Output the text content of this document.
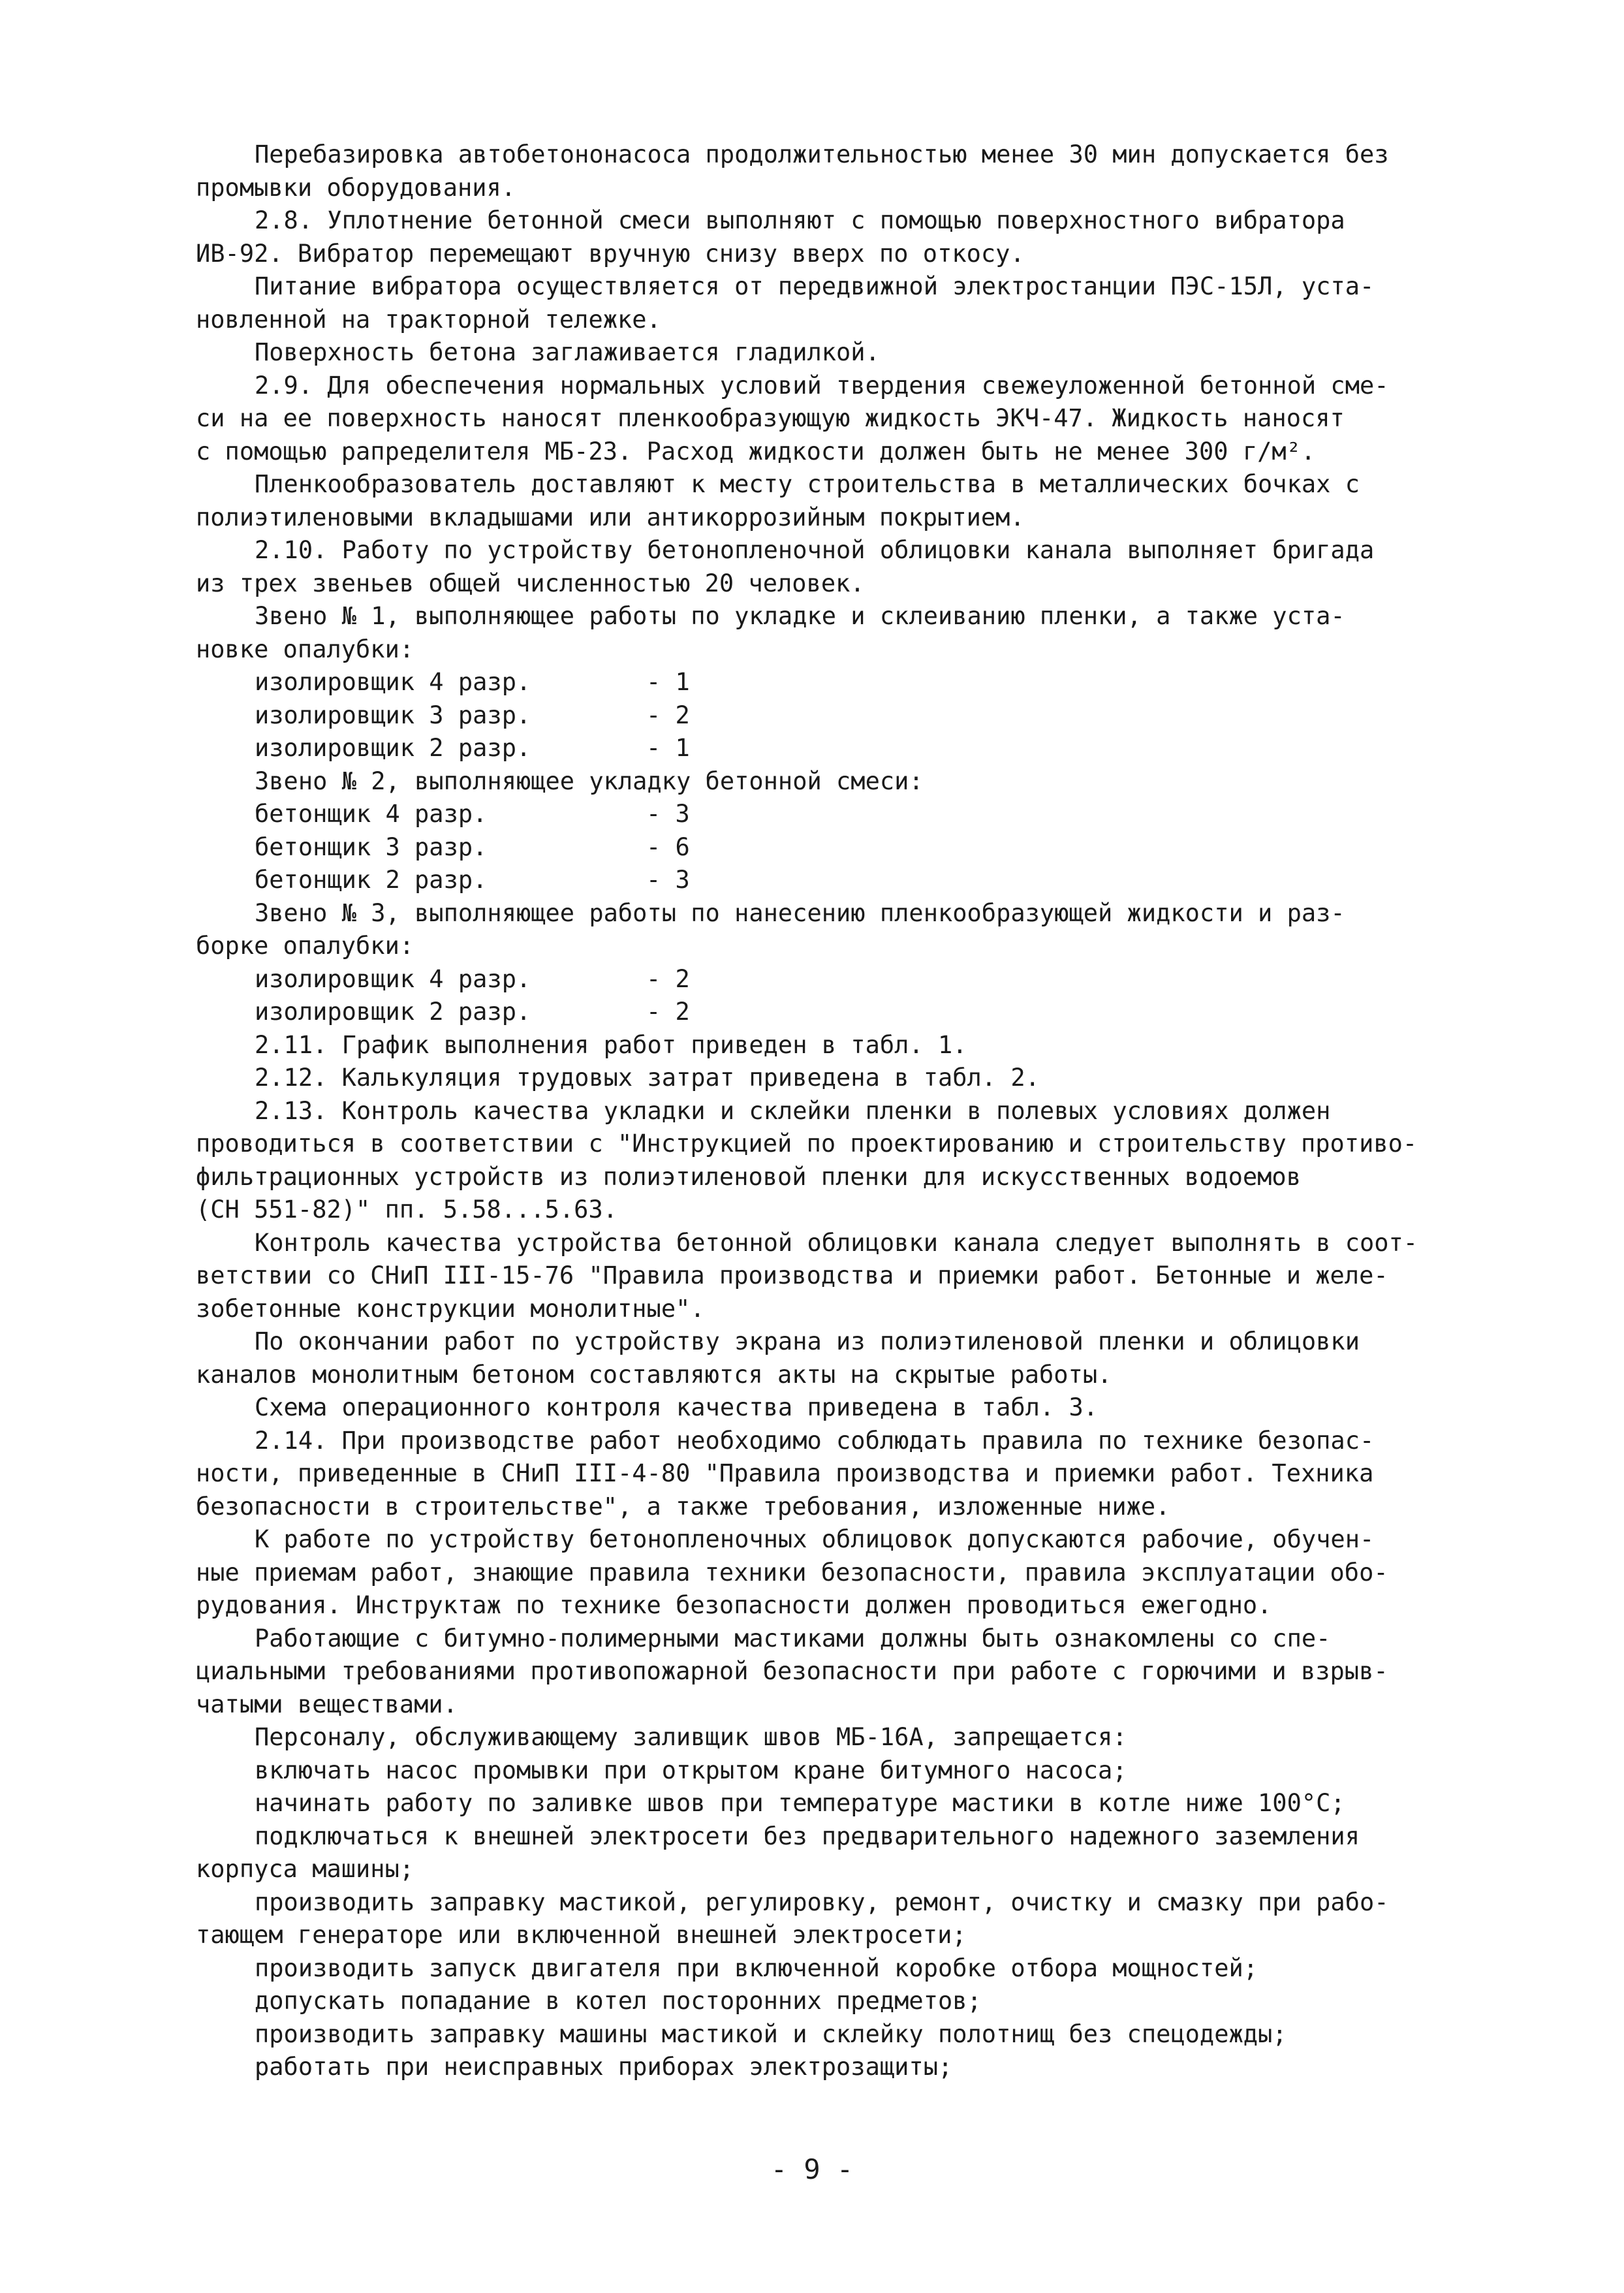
Перебазировка автобетононасоса продолжительностью менее 30 мин допускается без
промывки оборудования.
2.8. Уплотнение бетонной смеси выполняют с помощью поверхностного вибратора
ИВ-92. Вибратор перемещают вручную снизу вверх по откосу.
Питание вибратора осуществляется от передвижной электростанции ПЭС-15Л, уста-
новленной на тракторной тележке.
Поверхность бетона заглаживается гладилкой.
2.9. Для обеспечения нормальных условий твердения свежеуложенной бетонной сме-
си на ее поверхность наносят пленкообразующую жидкость ЭКЧ-47. Жидкость наносят
с помощью рапределителя МБ-23. Расход жидкости должен быть не менее 300 г/м².
Пленкообразователь доставляют к месту строительства в металлических бочках с
полиэтиленовыми вкладышами или антикоррозийным покрытием.
2.10. Работу по устройству бетонопленочной облицовки канала выполняет бригада
из трех звеньев общей численностью 20 человек.
Звено № 1, выполняющее работы по укладке и склеиванию пленки, а также уста-
новке опалубки:
изолировщик 4 разр.	- 1
изолировщик 3 разр.	- 2
изолировщик 2 разр.	- 1
Звено № 2, выполняющее укладку бетонной смеси:
бетонщик 4 разр.	- 3
бетонщик 3 разр.	- 6
бетонщик 2 разр.	- 3
Звено № 3, выполняющее работы по нанесению пленкообразующей жидкости и раз-
борке опалубки:
изолировщик 4 разр.	- 2
изолировщик 2 разр.	- 2
2.11. График выполнения работ приведен в табл. 1.
2.12. Калькуляция трудовых затрат приведена в табл. 2.
2.13. Контроль качества укладки и склейки пленки в полевых условиях должен
проводиться в соответствии с "Инструкцией по проектированию и строительству противо-
фильтрационных устройств из полиэтиленовой пленки для искусственных водоемов
(СН 551-82)" пп. 5.58...5.63.
Контроль качества устройства бетонной облицовки канала следует выполнять в соот-
ветствии со СНиП III-15-76 "Правила производства и приемки работ. Бетонные и желе-
зобетонные конструкции монолитные".
По окончании работ по устройству экрана из полиэтиленовой пленки и облицовки
каналов монолитным бетоном составляются акты на скрытые работы.
Схема операционного контроля качества приведена в табл. 3.
2.14. При производстве работ необходимо соблюдать правила по технике безопас-
ности, приведенные в СНиП III-4-80 "Правила производства и приемки работ. Техника
безопасности в строительстве", а также требования, изложенные ниже.
К работе по устройству бетонопленочных облицовок допускаются рабочие, обучен-
ные приемам работ, знающие правила техники безопасности, правила эксплуатации обо-
рудования. Инструктаж по технике безопасности должен проводиться ежегодно.
Работающие с битумно-полимерными мастиками должны быть ознакомлены со спе-
циальными требованиями противопожарной безопасности при работе с горючими и взрыв-
чатыми веществами.
Персоналу, обслуживающему заливщик швов МБ-16А, запрещается:
включать насос промывки при открытом кране битумного насоса;
начинать работу по заливке швов при температуре мастики в котле ниже 100°С;
подключаться к внешней электросети без предварительного надежного заземления
корпуса машины;
производить заправку мастикой, регулировку, ремонт, очистку и смазку при рабо-
тающем генераторе или включенной внешней электросети;
производить запуск двигателя при включенной коробке отбора мощностей;
допускать попадание в котел посторонних предметов;
производить заправку машины мастикой и склейку полотнищ без спецодежды;
работать при неисправных приборах электрозащиты;
- 9 -
